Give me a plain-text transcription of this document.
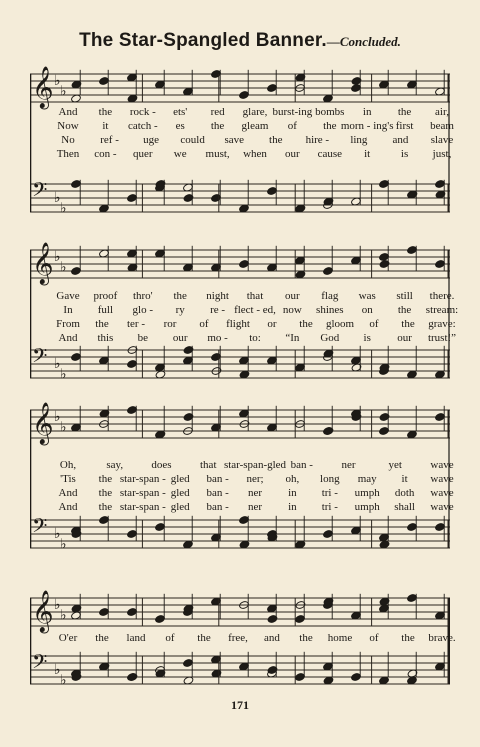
The Star-Spangled Banner.—Concluded.
𝄞 ♭
♭
𝄢 ♭
♭
And the rock - ets' red glare, burst-ing bombs in the air,
Now it catch - es the gleam of the morn - ing's first beam
No ref - uge could save the hire - ling and slave
Then con - quer we must, when our cause it	is just,
𝄞 ♭
♭
𝄢 ♭
♭
Gave proof thro' the night that our flag was still there.
In full glo - ry re - flect - ed, now shines on the stream:
From the ter - ror of flight or the gloom of the grave:
And this be our mo - to: “In God is our trust!”
𝄞 ♭
♭
𝄢 ♭
♭
Oh,	say,	does	that star-span-gled ban -	ner	yet	wave
'Tis the star-span - gled ban - ner; oh, long may it wave
And the star-span - gled ban - ner in tri - umph doth wave
And the star-span - gled ban - ner in tri - umph shall wave
𝄞 ♭
♭
𝄢 ♭
♭
O'er the land of the free, and the home of the brave.
171
